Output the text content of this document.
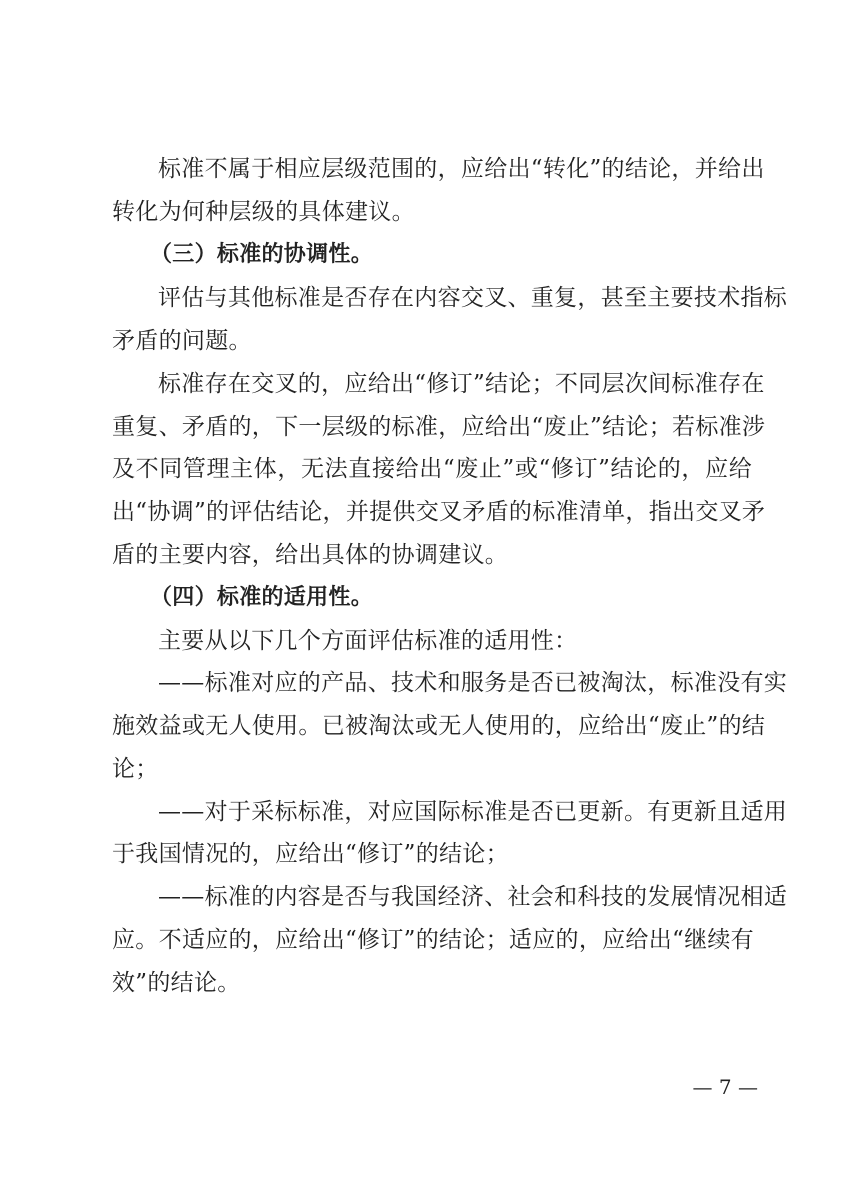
标准不属于相应层级范围的，应给出“转化”的结论，并给出
转化为何种层级的具体建议。
（三）标准的协调性。
评估与其他标准是否存在内容交叉、重复，甚至主要技术指标
矛盾的问题。
标准存在交叉的，应给出“修订”结论；不同层次间标准存在
重复、矛盾的，下一层级的标准，应给出“废止”结论；若标准涉
及不同管理主体，无法直接给出“废止”或“修订”结论的，应给
出“协调”的评估结论，并提供交叉矛盾的标准清单，指出交叉矛
盾的主要内容，给出具体的协调建议。
（四）标准的适用性。
主要从以下几个方面评估标准的适用性：
——标准对应的产品、技术和服务是否已被淘汰，标准没有实
施效益或无人使用。已被淘汰或无人使用的，应给出“废止”的结
论；
——对于采标标准，对应国际标准是否已更新。有更新且适用
于我国情况的，应给出“修订”的结论；
——标准的内容是否与我国经济、社会和科技的发展情况相适
应。不适应的，应给出“修订”的结论；适应的，应给出“继续有
效”的结论。
— 7 —
